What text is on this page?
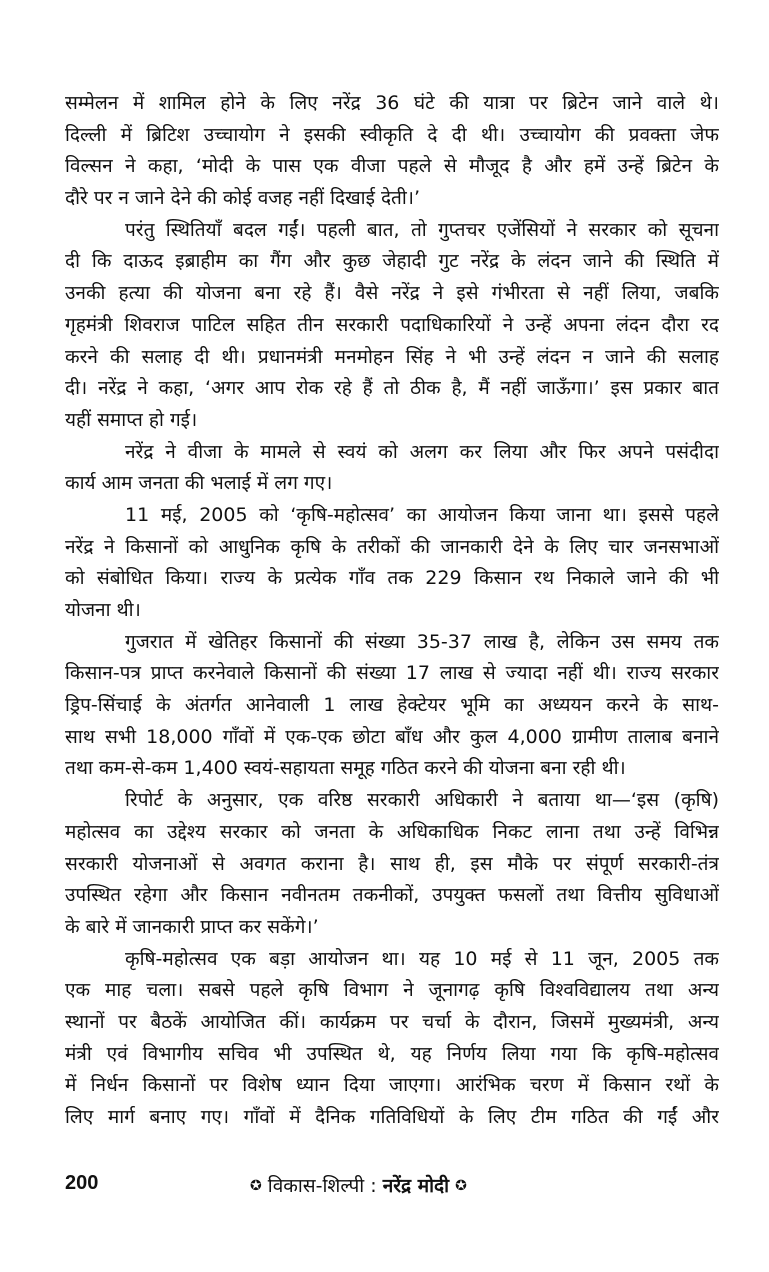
सम्मेलन में शामिल होने के लिए नरेंद्र 36 घंटे की यात्रा पर ब्रिटेन जाने वाले थे।
दिल्ली में ब्रिटिश उच्चायोग ने इसकी स्वीकृति दे दी थी। उच्चायोग की प्रवक्ता जेफ
विल्सन ने कहा, ‘मोदी के पास एक वीजा पहले से मौजूद है और हमें उन्हें ब्रिटेन के
दौरे पर न जाने देने की कोई वजह नहीं दिखाई देती।’
परंतु स्थितियाँ बदल गईं। पहली बात, तो गुप्तचर एजेंसियों ने सरकार को सूचना
दी कि दाऊद इब्राहीम का गैंग और कुछ जेहादी गुट नरेंद्र के लंदन जाने की स्थिति में
उनकी हत्या की योजना बना रहे हैं। वैसे नरेंद्र ने इसे गंभीरता से नहीं लिया, जबकि
गृहमंत्री शिवराज पाटिल सहित तीन सरकारी पदाधिकारियों ने उन्हें अपना लंदन दौरा रद
करने की सलाह दी थी। प्रधानमंत्री मनमोहन सिंह ने भी उन्हें लंदन न जाने की सलाह
दी। नरेंद्र ने कहा, ‘अगर आप रोक रहे हैं तो ठीक है, मैं नहीं जाऊँगा।’ इस प्रकार बात
यहीं समाप्त हो गई।
नरेंद्र ने वीजा के मामले से स्वयं को अलग कर लिया और फिर अपने पसंदीदा
कार्य आम जनता की भलाई में लग गए।
11 मई, 2005 को ‘कृषि-महोत्सव’ का आयोजन किया जाना था। इससे पहले
नरेंद्र ने किसानों को आधुनिक कृषि के तरीकों की जानकारी देने के लिए चार जनसभाओं
को संबोधित किया। राज्य के प्रत्येक गाँव तक 229 किसान रथ निकाले जाने की भी
योजना थी।
गुजरात में खेतिहर किसानों की संख्या 35-37 लाख है, लेकिन उस समय तक
किसान-पत्र प्राप्त करनेवाले किसानों की संख्या 17 लाख से ज्यादा नहीं थी। राज्य सरकार
ड्रिप-सिंचाई के अंतर्गत आनेवाली 1 लाख हेक्टेयर भूमि का अध्ययन करने के साथ-
साथ सभी 18,000 गाँवों में एक-एक छोटा बाँध और कुल 4,000 ग्रामीण तालाब बनाने
तथा कम-से-कम 1,400 स्वयं-सहायता समूह गठित करने की योजना बना रही थी।
रिपोर्ट के अनुसार, एक वरिष्ठ सरकारी अधिकारी ने बताया था—‘इस (कृषि)
महोत्सव का उद्देश्य सरकार को जनता के अधिकाधिक निकट लाना तथा उन्हें विभिन्न
सरकारी योजनाओं से अवगत कराना है। साथ ही, इस मौके पर संपूर्ण सरकारी-तंत्र
उपस्थित रहेगा और किसान नवीनतम तकनीकों, उपयुक्त फसलों तथा वित्तीय सुविधाओं
के बारे में जानकारी प्राप्त कर सकेंगे।’
कृषि-महोत्सव एक बड़ा आयोजन था। यह 10 मई से 11 जून, 2005 तक
एक माह चला। सबसे पहले कृषि विभाग ने जूनागढ़ कृषि विश्वविद्यालय तथा अन्य
स्थानों पर बैठकें आयोजित कीं। कार्यक्रम पर चर्चा के दौरान, जिसमें मुख्यमंत्री, अन्य
मंत्री एवं विभागीय सचिव भी उपस्थित थे, यह निर्णय लिया गया कि कृषि-महोत्सव
में निर्धन किसानों पर विशेष ध्यान दिया जाएगा। आरंभिक चरण में किसान रथों के
लिए मार्ग बनाए गए। गाँवों में दैनिक गतिविधियों के लिए टीम गठित की गईं और
200	✪ विकास-शिल्पी : नरेंद्र मोदी ✪
